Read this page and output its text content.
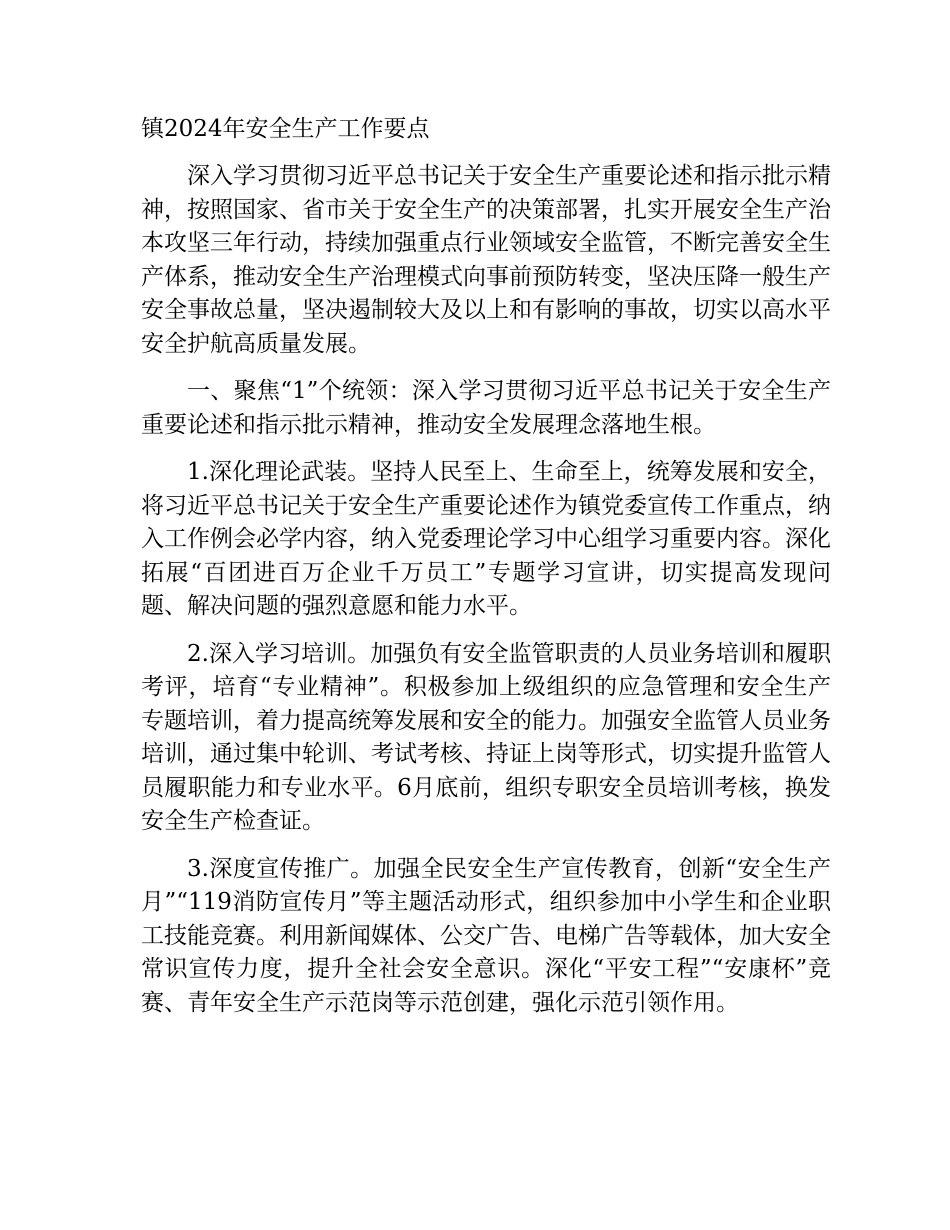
镇2024年安全生产工作要点

深入学习贯彻习近平总书记关于安全生产重要论述和指示批示精神，按照国家、省市关于安全生产的决策部署，扎实开展安全生产治本攻坚三年行动，持续加强重点行业领域安全监管，不断完善安全生产体系，推动安全生产治理模式向事前预防转变，坚决压降一般生产安全事故总量，坚决遏制较大及以上和有影响的事故，切实以高水平安全护航高质量发展。

一、聚焦“1”个统领：深入学习贯彻习近平总书记关于安全生产重要论述和指示批示精神，推动安全发展理念落地生根。

1.深化理论武装。坚持人民至上、生命至上，统筹发展和安全，将习近平总书记关于安全生产重要论述作为镇党委宣传工作重点，纳入工作例会必学内容，纳入党委理论学习中心组学习重要内容。深化拓展“百团进百万企业千万员工”专题学习宣讲，切实提高发现问题、解决问题的强烈意愿和能力水平。

2.深入学习培训。加强负有安全监管职责的人员业务培训和履职考评，培育“专业精神”。积极参加上级组织的应急管理和安全生产专题培训，着力提高统筹发展和安全的能力。加强安全监管人员业务培训，通过集中轮训、考试考核、持证上岗等形式，切实提升监管人员履职能力和专业水平。6月底前，组织专职安全员培训考核，换发安全生产检查证。

3.深度宣传推广。加强全民安全生产宣传教育，创新“安全生产月”“119消防宣传月”等主题活动形式，组织参加中小学生和企业职工技能竞赛。利用新闻媒体、公交广告、电梯广告等载体，加大安全常识宣传力度，提升全社会安全意识。深化“平安工程”“安康杯”竞赛、青年安全生产示范岗等示范创建，强化示范引领作用。
